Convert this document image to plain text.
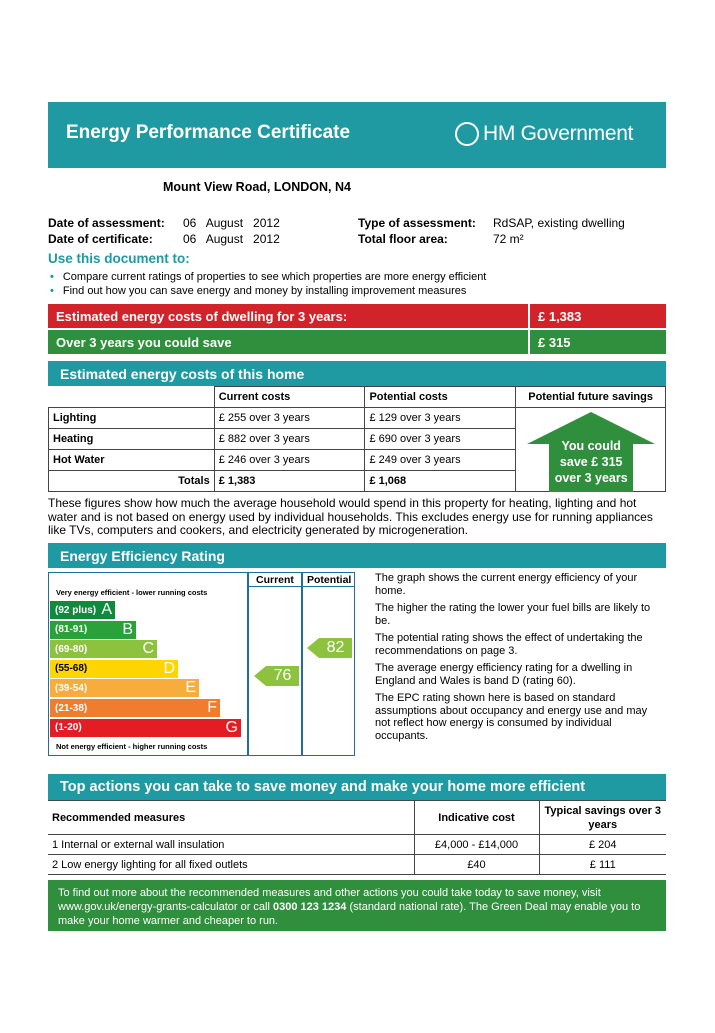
Energy Performance Certificate	HM Government
Mount View Road, LONDON, N4
Date of assessment: 06   August   2012
Date of certificate:	06   August   2012
Type of assessment: RdSAP, existing dwelling
Total floor area:	72 m²
Use this document to:
• Compare current ratings of properties to see which properties are more energy efficient
• Find out how you can save energy and money by installing improvement measures
Estimated energy costs of dwelling for 3 years:	£ 1,383
Over 3 years you could save	£ 315
Estimated energy costs of this home
	Current costs	Potential costs	Potential future savings
Lighting	£ 255 over 3 years	£ 129 over 3 years	You could
save £ 315
over 3 years

Heating	£ 882 over 3 years	£ 690 over 3 years	
Hot Water	£ 246 over 3 years	£ 249 over 3 years	
Totals	£ 1,383	£ 1,068	
These figures show how much the average household would spend in this property for heating, lighting and hot water and is not based on energy used by individual households. This excludes energy use for running appliances like TVs, computers and cookers, and electricity generated by microgeneration.
Energy Efficiency Rating
Very energy efficient - lower running costs
Not energy efficient - higher running costs
(92 plus) A
(81-91) B
(69-80)	C
(55-68)	D
(39-54)	E
(21-38)	F
(1-20)	G
Current Potential
76
82
The graph shows the current energy efficiency of your home.
The higher the rating the lower your fuel bills are likely to be.
The potential rating shows the effect of undertaking the recommendations on page 3.
The average energy efficiency rating for a dwelling in England and Wales is band D (rating 60).
The EPC rating shown here is based on standard assumptions about occupancy and energy use and may not reflect how energy is consumed by individual occupants.
Top actions you can take to save money and make your home more efficient
Recommended measures	Indicative cost	Typical savings over 3 years
1 Internal or external wall insulation	£4,000 - £14,000	£ 204
2 Low energy lighting for all fixed outlets	£40	£ 111
To find out more about the recommended measures and other actions you could take today to save money, visit www.gov.uk/energy-grants-calculator or call 0300 123 1234 (standard national rate). The Green Deal may enable you to make your home warmer and cheaper to run.
